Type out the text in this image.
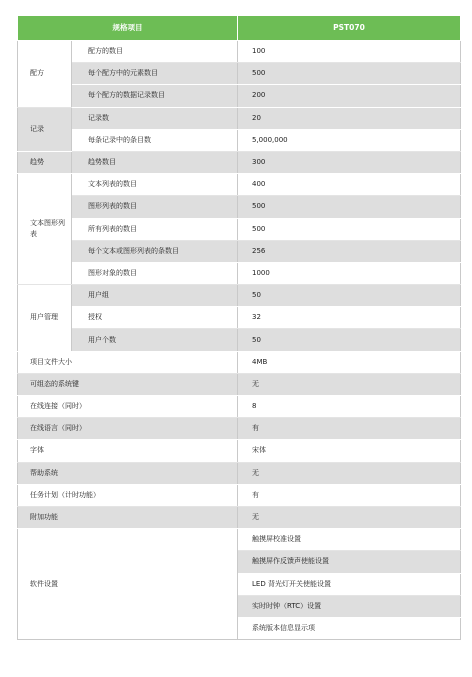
规格项目		PST070
配方	配方的数目	100
	每个配方中的元素数目	500
	每个配方的数据记录数目	200
记录	记录数	20
	每条记录中的条目数	5,000,000
趋势	趋势数目	300
文本图形列表	文本列表的数目	400
	图形列表的数目	500
	所有列表的数目	500
	每个文本或图形列表的条数目	256
	图形对象的数目	1000
用户管理	用户组	50
	授权	32
	用户个数	50
项目文件大小		4MB
可组态的系统键		无
在线连接（同时）		8
在线语言（同时）		有
字体		宋体
帮助系统		无
任务计划（计时功能）		有
附加功能		无
软件设置		触摸屏校准设置
		触摸屏作反馈声使能设置
		LED 背光灯开关使能设置
		实时时钟（RTC）设置
		系统版本信息显示项
